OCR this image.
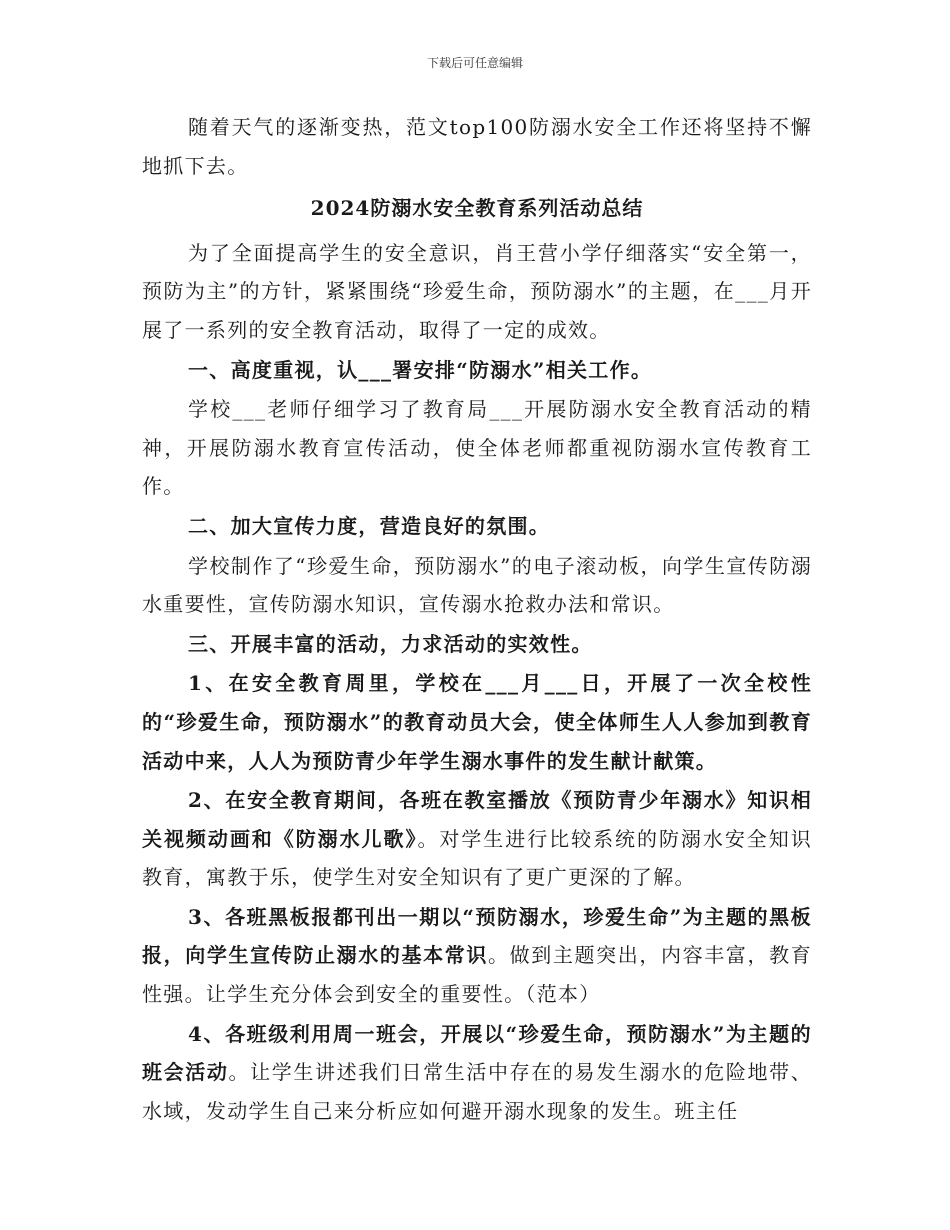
下载后可任意编辑

随着天气的逐渐变热，范文top100防溺水安全工作还将坚持不懈地抓下去。

2024防溺水安全教育系列活动总结

为了全面提高学生的安全意识，肖王营小学仔细落实“安全第一，预防为主”的方针，紧紧围绕“珍爱生命，预防溺水”的主题，在___月开展了一系列的安全教育活动，取得了一定的成效。

一、高度重视，认___署安排“防溺水”相关工作。

学校___老师仔细学习了教育局___开展防溺水安全教育活动的精神，开展防溺水教育宣传活动，使全体老师都重视防溺水宣传教育工作。

二、加大宣传力度，营造良好的氛围。

学校制作了“珍爱生命，预防溺水”的电子滚动板，向学生宣传防溺水重要性，宣传防溺水知识，宣传溺水抢救办法和常识。

三、开展丰富的活动，力求活动的实效性。

1、在安全教育周里，学校在___月___日，开展了一次全校性的“珍爱生命，预防溺水”的教育动员大会，使全体师生人人参加到教育活动中来，人人为预防青少年学生溺水事件的发生献计献策。

2、在安全教育期间，各班在教室播放《预防青少年溺水》知识相关视频动画和《防溺水儿歌》。对学生进行比较系统的防溺水安全知识教育，寓教于乐，使学生对安全知识有了更广更深的了解。

3、各班黑板报都刊出一期以“预防溺水，珍爱生命”为主题的黑板报，向学生宣传防止溺水的基本常识。做到主题突出，内容丰富，教育性强。让学生充分体会到安全的重要性。（范本）

4、各班级利用周一班会，开展以“珍爱生命，预防溺水”为主题的班会活动。让学生讲述我们日常生活中存在的易发生溺水的危险地带、水域，发动学生自己来分析应如何避开溺水现象的发生。班主任
